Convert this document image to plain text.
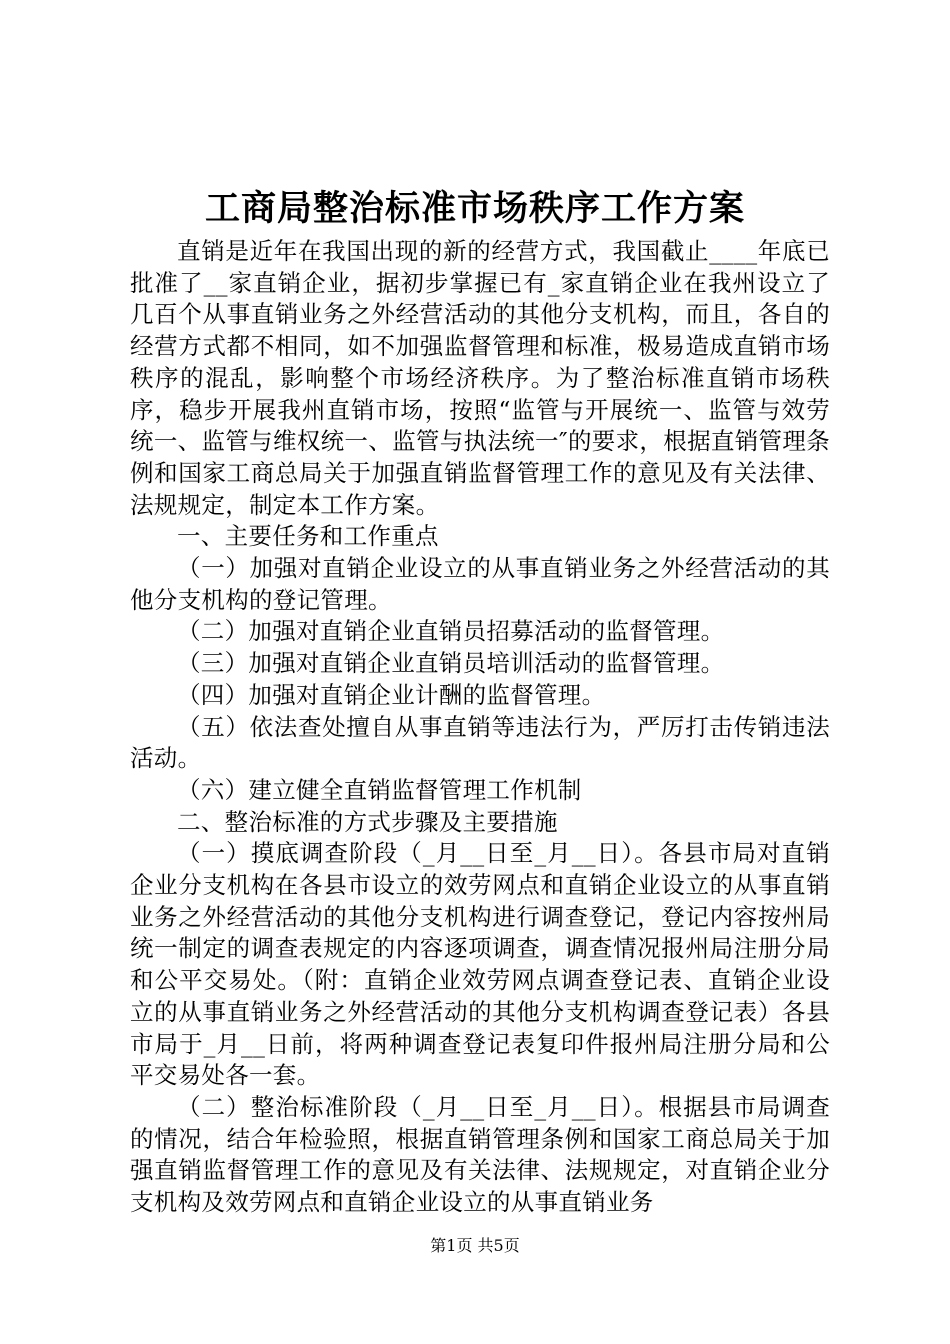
工商局整治标准市场秩序工作方案

直销是近年在我国出现的新的经营方式，我国截止____年底已批准了__家直销企业，据初步掌握已有_家直销企业在我州设立了几百个从事直销业务之外经营活动的其他分支机构，而且，各自的经营方式都不相同，如不加强监督管理和标准，极易造成直销市场秩序的混乱，影响整个市场经济秩序。为了整治标准直销市场秩序，稳步开展我州直销市场，按照“监管与开展统一、监管与效劳统一、监管与维权统一、监管与执法统一″的要求，根据直销管理条例和国家工商总局关于加强直销监督管理工作的意见及有关法律、法规规定，制定本工作方案。

一、主要任务和工作重点

（一）加强对直销企业设立的从事直销业务之外经营活动的其他分支机构的登记管理。

（二）加强对直销企业直销员招募活动的监督管理。

（三）加强对直销企业直销员培训活动的监督管理。

（四）加强对直销企业计酬的监督管理。

（五）依法查处擅自从事直销等违法行为，严厉打击传销违法活动。

（六）建立健全直销监督管理工作机制

二、整治标准的方式步骤及主要措施

（一）摸底调查阶段（_月__日至_月__日）。各县市局对直销企业分支机构在各县市设立的效劳网点和直销企业设立的从事直销业务之外经营活动的其他分支机构进行调查登记，登记内容按州局统一制定的调查表规定的内容逐项调查，调查情况报州局注册分局和公平交易处。（附：直销企业效劳网点调查登记表、直销企业设立的从事直销业务之外经营活动的其他分支机构调查登记表）各县市局于_月__日前，将两种调查登记表复印件报州局注册分局和公平交易处各一套。

（二）整治标准阶段（_月__日至_月__日）。根据县市局调查的情况，结合年检验照，根据直销管理条例和国家工商总局关于加强直销监督管理工作的意见及有关法律、法规规定，对直销企业分支机构及效劳网点和直销企业设立的从事直销业务

第1页 共5页
